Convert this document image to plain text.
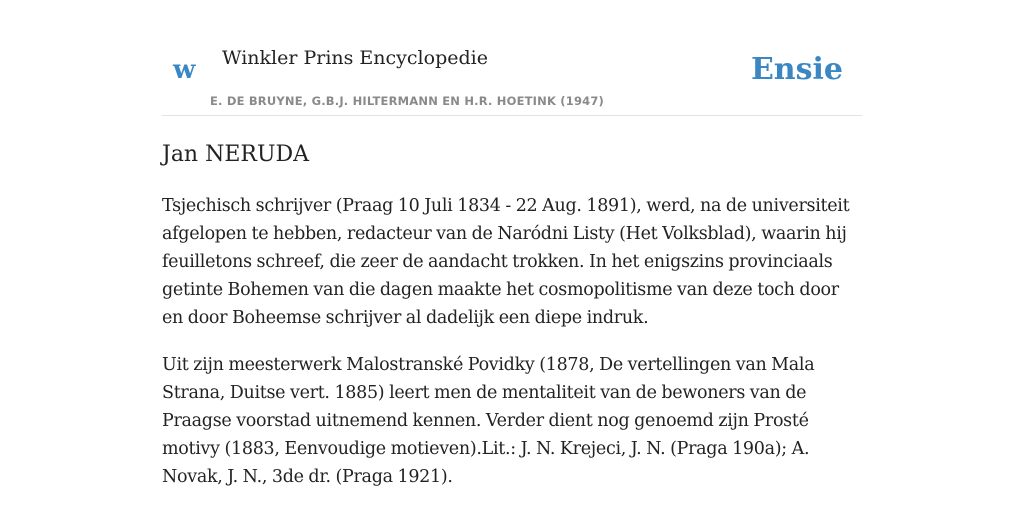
w Winkler Prins Encyclopedie
E. DE BRUYNE, G.B.J. HILTERMANN EN H.R. HOETINK (1947)
Ensie
Jan NERUDA

Tsjechisch schrijver (Praag 10 Juli 1834 - 22 Aug. 1891), werd, na de universiteit afgelopen te hebben, redacteur van de Naródni Listy (Het Volksblad), waarin hij feuilletons schreef, die zeer de aandacht trokken. In het enigszins provinciaals getinte Bohemen van die dagen maakte het cosmopolitisme van deze toch door en door Boheemse schrijver al dadelijk een diepe indruk.

Uit zijn meesterwerk Malostranské Povidky (1878, De vertellingen van Mala Strana, Duitse vert. 1885) leert men de mentaliteit van de bewoners van de Praagse voorstad uitnemend kennen. Verder dient nog genoemd zijn Prosté motivy (1883, Eenvoudige motieven).Lit.: J. N. Krejeci, J. N. (Praga 190a); A. Novak, J. N., 3de dr. (Praga 1921).
